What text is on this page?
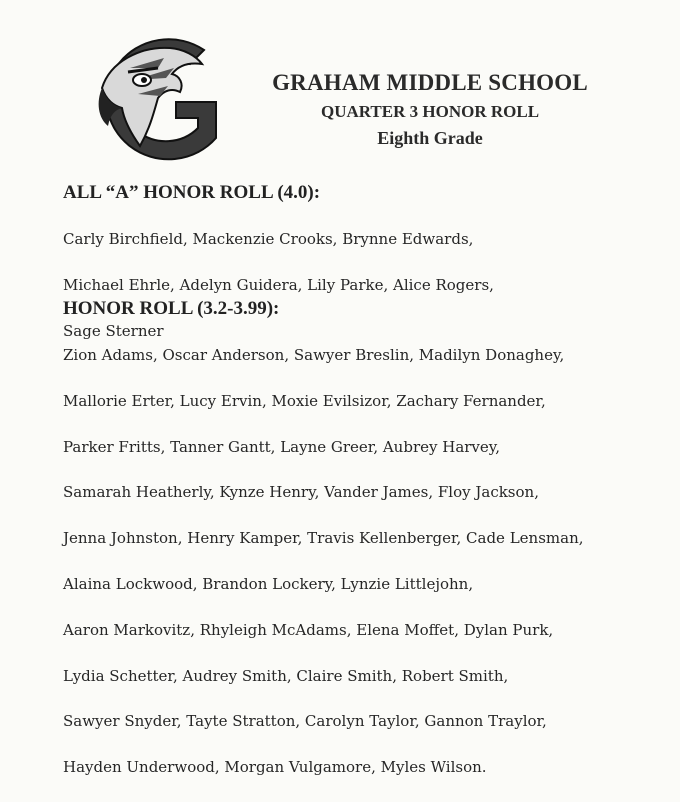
GRAHAM MIDDLE SCHOOL
QUARTER 3 HONOR ROLL
Eighth Grade
ALL “A” HONOR ROLL (4.0):

Carly Birchfield, Mackenzie Crooks, Brynne Edwards,

Michael Ehrle, Adelyn Guidera, Lily Parke, Alice Rogers,

Sage Sterner

HONOR ROLL (3.2-3.99):

Zion Adams, Oscar Anderson, Sawyer Breslin, Madilyn Donaghey,

Mallorie Erter, Lucy Ervin, Moxie Evilsizor, Zachary Fernander,

Parker Fritts, Tanner Gantt, Layne Greer, Aubrey Harvey,

Samarah Heatherly, Kynze Henry, Vander James, Floy Jackson,

Jenna Johnston, Henry Kamper, Travis Kellenberger, Cade Lensman,

Alaina Lockwood, Brandon Lockery, Lynzie Littlejohn,

Aaron Markovitz, Rhyleigh McAdams, Elena Moffet, Dylan Purk,

Lydia Schetter, Audrey Smith, Claire Smith, Robert Smith,

Sawyer Snyder, Tayte Stratton, Carolyn Taylor, Gannon Traylor,

Hayden Underwood, Morgan Vulgamore, Myles Wilson.
